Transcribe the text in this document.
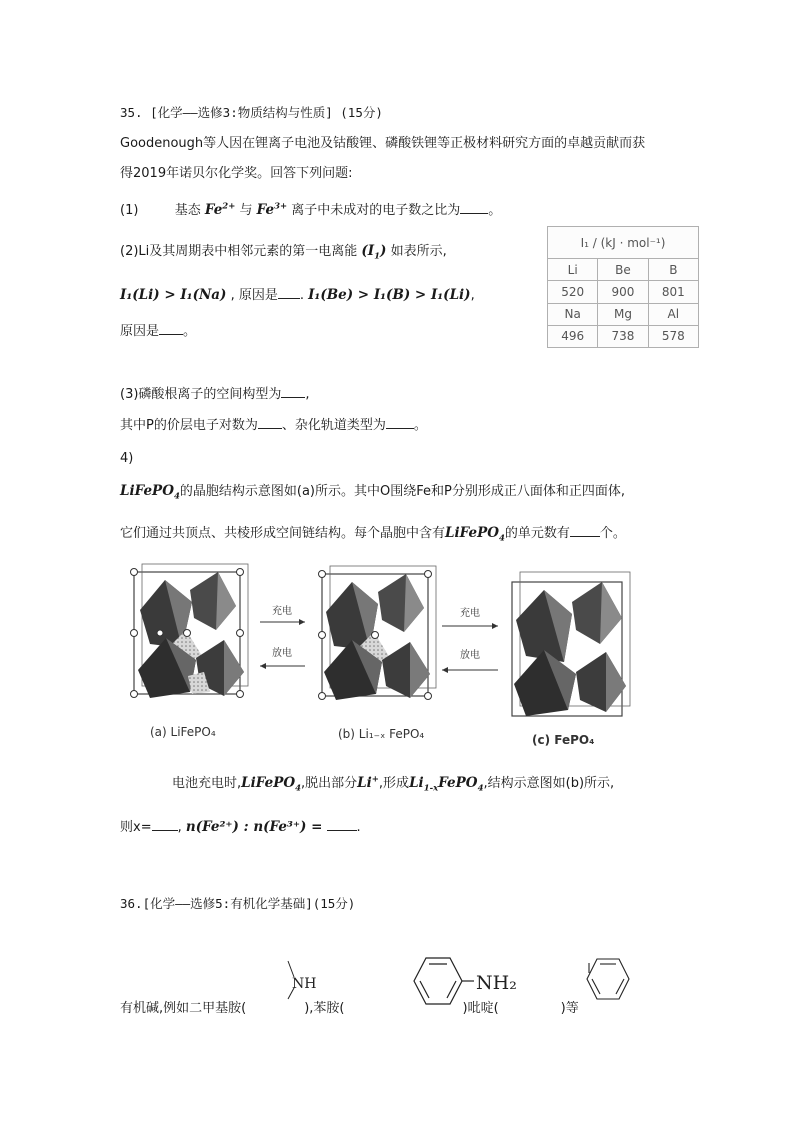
35. [化学——选修3:物质结构与性质] (15分)
Goodenough等人因在锂离子电池及钴酸锂、磷酸铁锂等正极材料研究方面的卓越贡献而获
得2019年诺贝尔化学奖。回答下列问题:
(1)	基态 $Fe^{2+}$ 与 $Fe^{3+}$ 离子中未成对的电子数之比为 。
(2)Li及其周期表中相邻元素的第一电离能 $(I_1)$ 如表所示,
I₁(Li) > I₁(Na) , 原因是 . I₁(Be) > I₁(B) > I₁(Li),
原因是 。
I₁ / (kJ · mol⁻¹)		
Li	Be	B
520	900	801
Na	Mg	Al
496	738	578
(3)磷酸根离子的空间构型为 ,
其中P的价层电子对数为 、杂化轨道类型为 。
4)
LiFePO$_4$的晶胞结构示意图如(a)所示。其中O围绕Fe和P分别形成正八面体和正四面体,
它们通过共顶点、共棱形成空间链结构。每个晶胞中含有LiFePO$_4$的单元数有 个。
充电
放电
充电
放电
(a) LiFePO₄	(b) Li₁₋ₓ FePO₄	(c) FePO₄
电池充电时,LiFePO$_4$,脱出部分Li+,形成$Li_{1-x}FePO_4$,结构示意图如(b)所示,
则x= , n(Fe²⁺) : n(Fe³⁺) =	.
36.[化学——选修5:有机化学基础](15分)
有机碱,例如二甲基胺(	),苯胺(	)吡啶(	)等
NH	NH₂
